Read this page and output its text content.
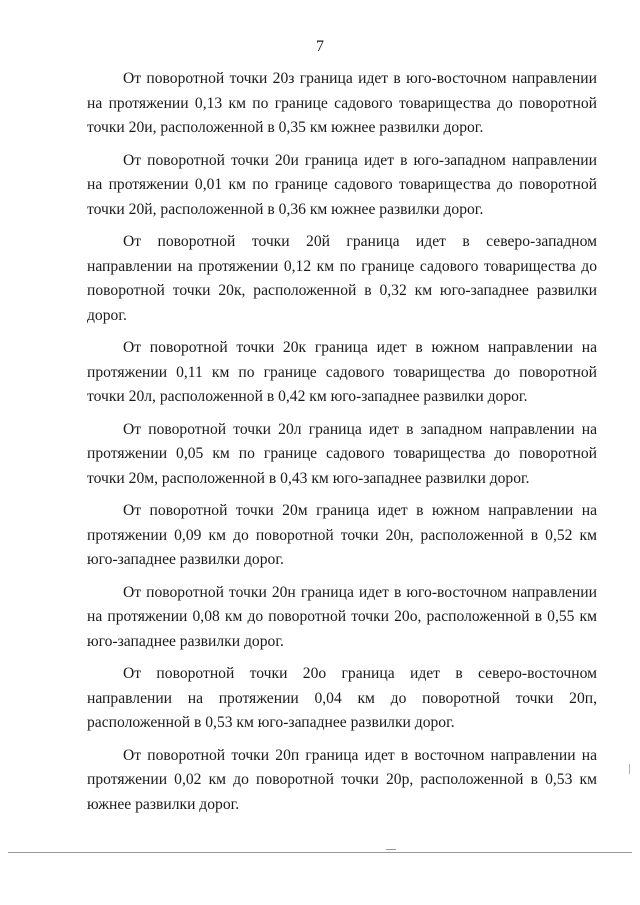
7

От поворотной точки 20з граница идет в юго-восточном направлении на протяжении 0,13 км по границе садового товарищества до поворотной точки 20и, расположенной в 0,35 км южнее развилки дорог.

От поворотной точки 20и граница идет в юго-западном направлении на протяжении 0,01 км по границе садового товарищества до поворотной точки 20й, расположенной в 0,36 км южнее развилки дорог.

От поворотной точки 20й граница идет в северо-западном направлении на протяжении 0,12 км по границе садового товарищества до поворотной точки 20к, расположенной в 0,32 км юго-западнее развилки дорог.

От поворотной точки 20к граница идет в южном направлении на протяжении 0,11 км по границе садового товарищества до поворотной точки 20л, расположенной в 0,42 км юго-западнее развилки дорог.

От поворотной точки 20л граница идет в западном направлении на протяжении 0,05 км по границе садового товарищества до поворотной точки 20м, расположенной в 0,43 км юго-западнее развилки дорог.

От поворотной точки 20м граница идет в южном направлении на протяжении 0,09 км до поворотной точки 20н, расположенной в 0,52 км юго-западнее развилки дорог.

От поворотной точки 20н граница идет в юго-восточном направлении на протяжении 0,08 км до поворотной точки 20о, расположенной в 0,55 км юго-западнее развилки дорог.

От поворотной точки 20о граница идет в северо-восточном направлении на протяжении 0,04 км до поворотной точки 20п, расположенной в 0,53 км юго-западнее развилки дорог.

От поворотной точки 20п граница идет в восточном направлении на протяжении 0,02 км до поворотной точки 20р, расположенной в 0,53 км южнее развилки дорог.
